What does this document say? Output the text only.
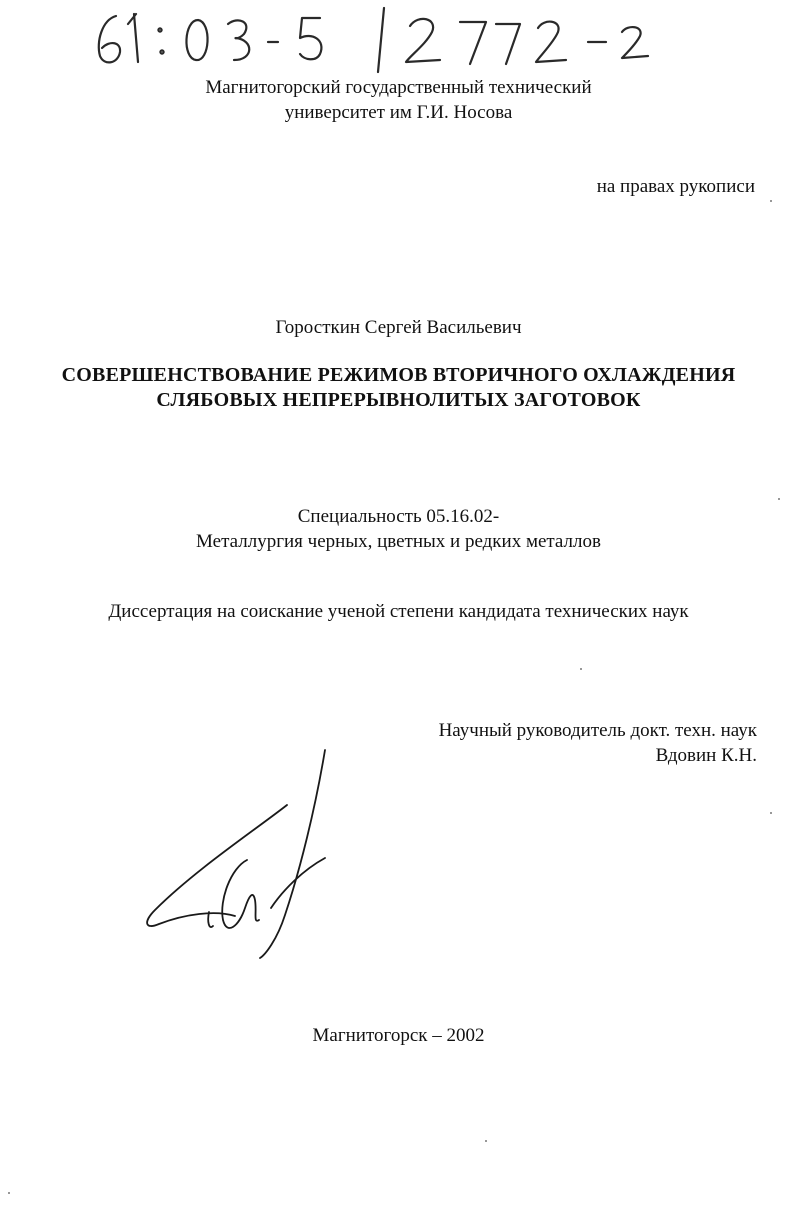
Магнитогорский государственный технический
университет им Г.И. Носова
на правах рукописи
Горосткин Сергей Васильевич
СОВЕРШЕНСТВОВАНИЕ РЕЖИМОВ ВТОРИЧНОГО ОХЛАЖДЕНИЯ
СЛЯБОВЫХ НЕПРЕРЫВНОЛИТЫХ ЗАГОТОВОК
Специальность 05.16.02-
Металлургия черных, цветных и редких металлов
Диссертация на соискание ученой степени кандидата технических наук
Научный руководитель докт. техн. наук
Вдовин К.Н.
Магнитогорск – 2002
